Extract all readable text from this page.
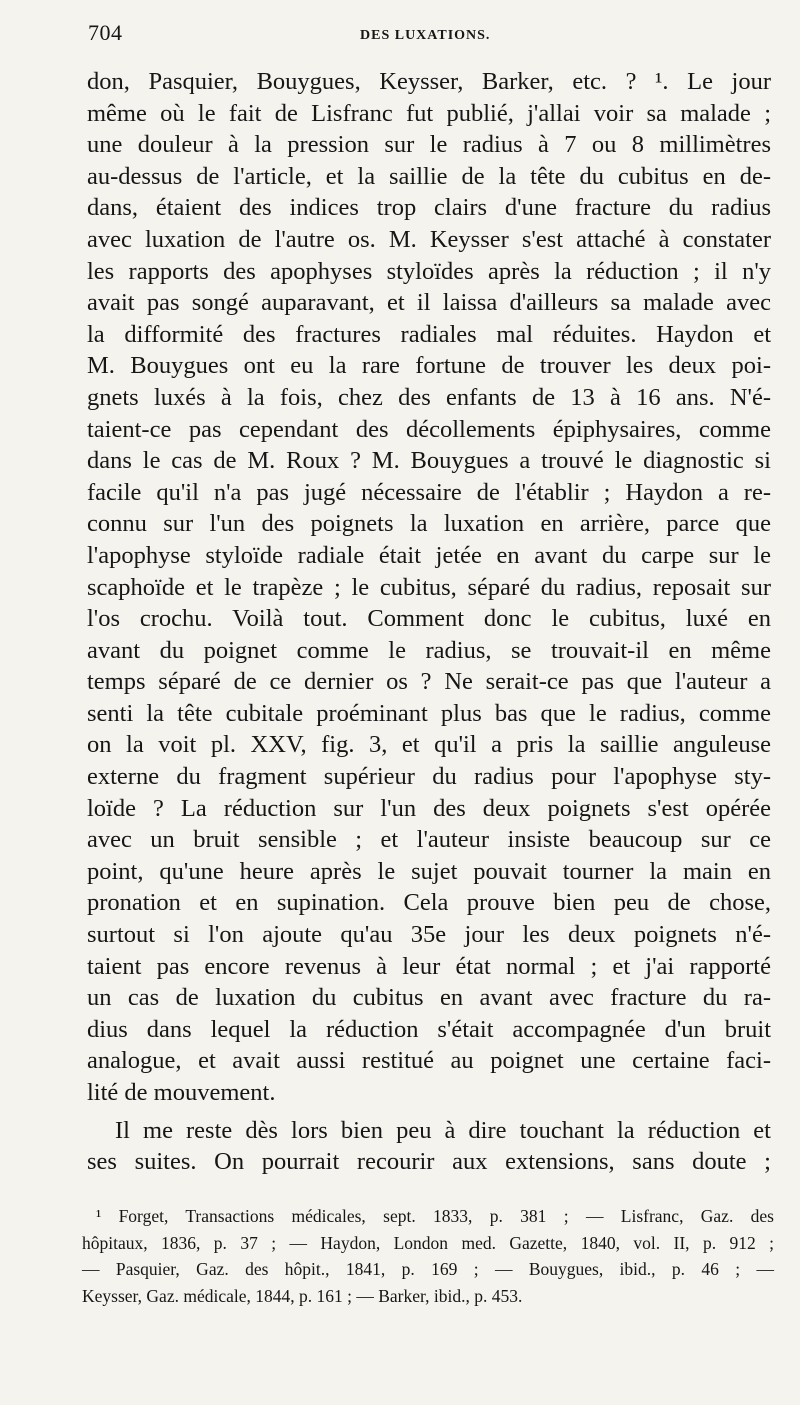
704	DES LUXATIONS.
don, Pasquier, Bouygues, Keysser, Barker, etc. ? ¹. Le jour
même où le fait de Lisfranc fut publié, j'allai voir sa malade ;
une douleur à la pression sur le radius à 7 ou 8 millimètres
au-dessus de l'article, et la saillie de la tête du cubitus en de-
dans, étaient des indices trop clairs d'une fracture du radius
avec luxation de l'autre os. M. Keysser s'est attaché à constater
les rapports des apophyses styloïdes après la réduction ; il n'y
avait pas songé auparavant, et il laissa d'ailleurs sa malade avec
la difformité des fractures radiales mal réduites. Haydon et
M. Bouygues ont eu la rare fortune de trouver les deux poi-
gnets luxés à la fois, chez des enfants de 13 à 16 ans. N'é-
taient-ce pas cependant des décollements épiphysaires, comme
dans le cas de M. Roux ? M. Bouygues a trouvé le diagnostic si
facile qu'il n'a pas jugé nécessaire de l'établir ; Haydon a re-
connu sur l'un des poignets la luxation en arrière, parce que
l'apophyse styloïde radiale était jetée en avant du carpe sur le
scaphoïde et le trapèze ; le cubitus, séparé du radius, reposait sur
l'os crochu. Voilà tout. Comment donc le cubitus, luxé en
avant du poignet comme le radius, se trouvait-il en même
temps séparé de ce dernier os ? Ne serait-ce pas que l'auteur a
senti la tête cubitale proéminant plus bas que le radius, comme
on la voit pl. XXV, fig. 3, et qu'il a pris la saillie anguleuse
externe du fragment supérieur du radius pour l'apophyse sty-
loïde ? La réduction sur l'un des deux poignets s'est opérée
avec un bruit sensible ; et l'auteur insiste beaucoup sur ce
point, qu'une heure après le sujet pouvait tourner la main en
pronation et en supination. Cela prouve bien peu de chose,
surtout si l'on ajoute qu'au 35e jour les deux poignets n'é-
taient pas encore revenus à leur état normal ; et j'ai rapporté
un cas de luxation du cubitus en avant avec fracture du ra-
dius dans lequel la réduction s'était accompagnée d'un bruit
analogue, et avait aussi restitué au poignet une certaine faci-
lité de mouvement.
Il me reste dès lors bien peu à dire touchant la réduction et
ses suites. On pourrait recourir aux extensions, sans doute ;
¹ Forget, Transactions médicales, sept. 1833, p. 381 ; — Lisfranc, Gaz. des
hôpitaux, 1836, p. 37 ; — Haydon, London med. Gazette, 1840, vol. II, p. 912 ;
— Pasquier, Gaz. des hôpit., 1841, p. 169 ; — Bouygues, ibid., p. 46 ; —
Keysser, Gaz. médicale, 1844, p. 161 ; — Barker, ibid., p. 453.
